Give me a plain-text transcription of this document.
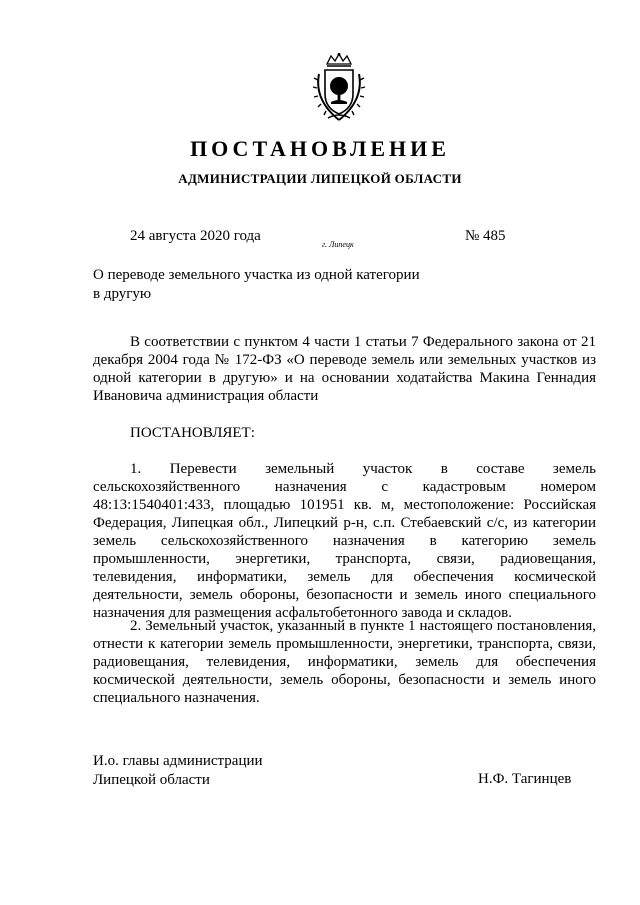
ПОСТАНОВЛЕНИЕ
АДМИНИСТРАЦИИ ЛИПЕЦКОЙ ОБЛАСТИ
24 августа 2020 года
г. Липецк
№ 485
О переводе земельного участка из одной категории
в другую
В соответствии с пунктом 4 части 1 статьи 7 Федерального закона от 21 декабря 2004 года № 172-ФЗ «О переводе земель или земельных участков из одной категории в другую» и на основании ходатайства Макина Геннадия Ивановича администрация области
ПОСТАНОВЛЯЕТ:
1. Перевести земельный участок в составе земель сельскохозяйственного назначения с кадастровым номером 48:13:1540401:433, площадью 101951 кв. м, местоположение: Российская Федерация, Липецкая обл., Липецкий р-н, с.п. Стебаевский с/с, из категории земель сельскохозяйственного назначения в категорию земель промышленности, энергетики, транспорта, связи, радиовещания, телевидения, информатики, земель для обеспечения космической деятельности, земель обороны, безопасности и земель иного специального назначения для размещения асфальтобетонного завода и складов.
2. Земельный участок, указанный в пункте 1 настоящего постановления, отнести к категории земель промышленности, энергетики, транспорта, связи, радиовещания, телевидения, информатики, земель для обеспечения космической деятельности, земель обороны, безопасности и земель иного специального назначения.
И.о. главы администрации
Липецкой области	Н.Ф. Тагинцев
